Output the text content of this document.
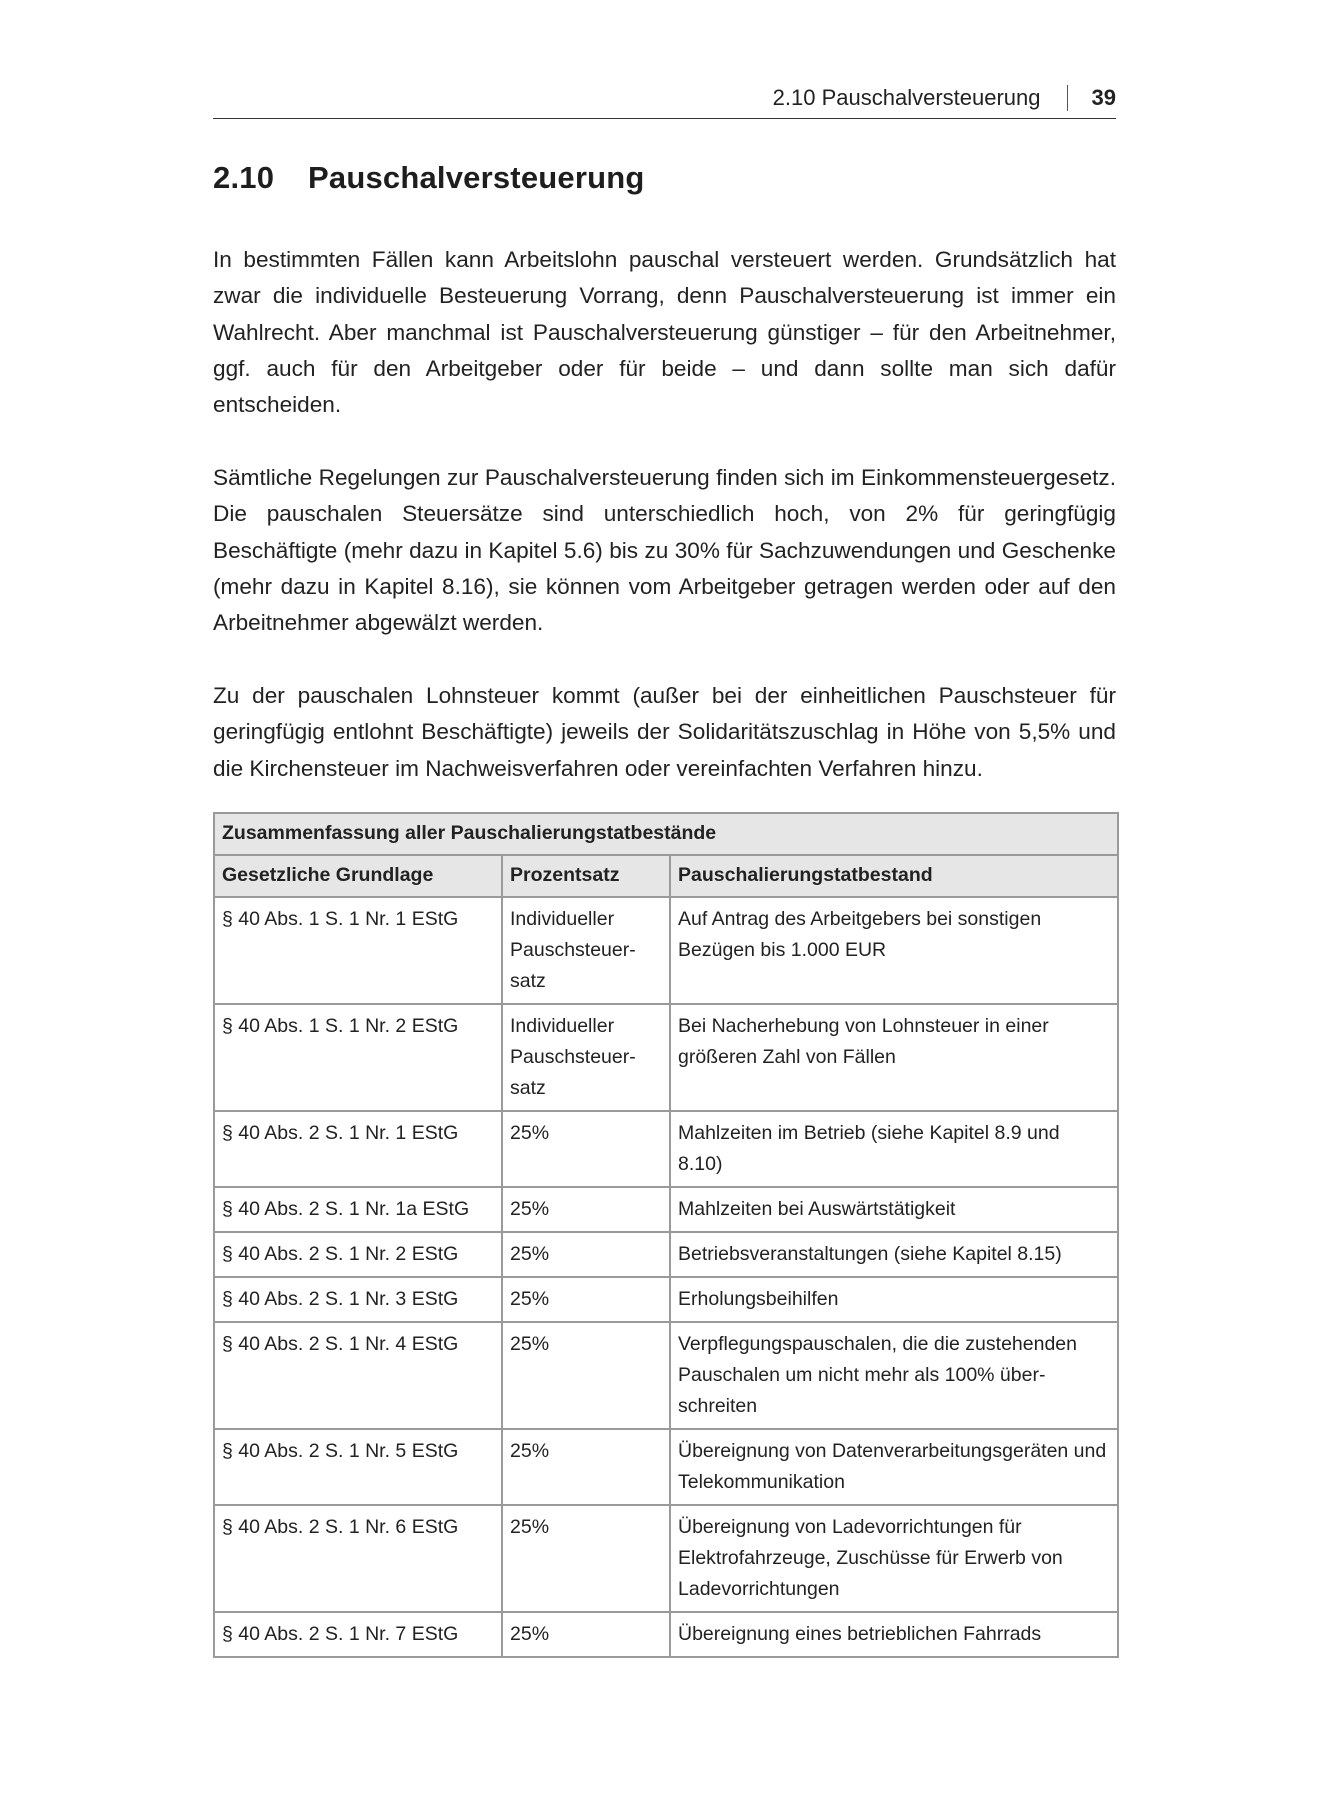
2.10 Pauschalversteuerung 39
2.10 Pauschalversteuerung

In bestimmten Fällen kann Arbeitslohn pauschal versteuert werden. Grundsätzlich hat zwar die individuelle Besteuerung Vorrang, denn Pauschalversteuerung ist immer ein Wahlrecht. Aber manchmal ist Pauschalversteuerung günstiger – für den Arbeitnehmer, ggf. auch für den Arbeitgeber oder für beide – und dann sollte man sich dafür entscheiden.

Sämtliche Regelungen zur Pauschalversteuerung finden sich im Einkommensteuergesetz. Die pauschalen Steuersätze sind unterschiedlich hoch, von 2% für geringfügig Beschäftigte (mehr dazu in Kapitel 5.6) bis zu 30% für Sachzuwendungen und Geschenke (mehr dazu in Kapitel 8.16), sie können vom Arbeitgeber getragen werden oder auf den Arbeitnehmer abgewälzt werden.

Zu der pauschalen Lohnsteuer kommt (außer bei der einheitlichen Pauschsteuer für geringfügig entlohnt Beschäftigte) jeweils der Solidaritätszuschlag in Höhe von 5,5% und die Kirchensteuer im Nachweisverfahren oder vereinfachten Verfahren hinzu.

Zusammenfassung aller Pauschalierungstatbestände		
Gesetzliche Grundlage	Prozentsatz	Pauschalierungstatbestand
§ 40 Abs. 1 S. 1 Nr. 1 EStG	Individueller Pauschsteuersatz	Auf Antrag des Arbeitgebers bei sonstigen Bezügen bis 1.000 EUR
§ 40 Abs. 1 S. 1 Nr. 2 EStG	Individueller Pauschsteuersatz	Bei Nacherhebung von Lohnsteuer in einer größeren Zahl von Fällen
§ 40 Abs. 2 S. 1 Nr. 1 EStG	25%	Mahlzeiten im Betrieb (siehe Kapitel 8.9 und 8.10)
§ 40 Abs. 2 S. 1 Nr. 1a EStG	25%	Mahlzeiten bei Auswärtstätigkeit
§ 40 Abs. 2 S. 1 Nr. 2 EStG	25%	Betriebsveranstaltungen (siehe Kapitel 8.15)
§ 40 Abs. 2 S. 1 Nr. 3 EStG	25%	Erholungsbeihilfen
§ 40 Abs. 2 S. 1 Nr. 4 EStG	25%	Verpflegungspauschalen, die die zustehenden Pauschalen um nicht mehr als 100% überschreiten
§ 40 Abs. 2 S. 1 Nr. 5 EStG	25%	Übereignung von Datenverarbeitungsgeräten und Telekommunikation
§ 40 Abs. 2 S. 1 Nr. 6 EStG	25%	Übereignung von Ladevorrichtungen für Elektrofahrzeuge, Zuschüsse für Erwerb von Ladevorrichtungen
§ 40 Abs. 2 S. 1 Nr. 7 EStG	25%	Übereignung eines betrieblichen Fahrrads
